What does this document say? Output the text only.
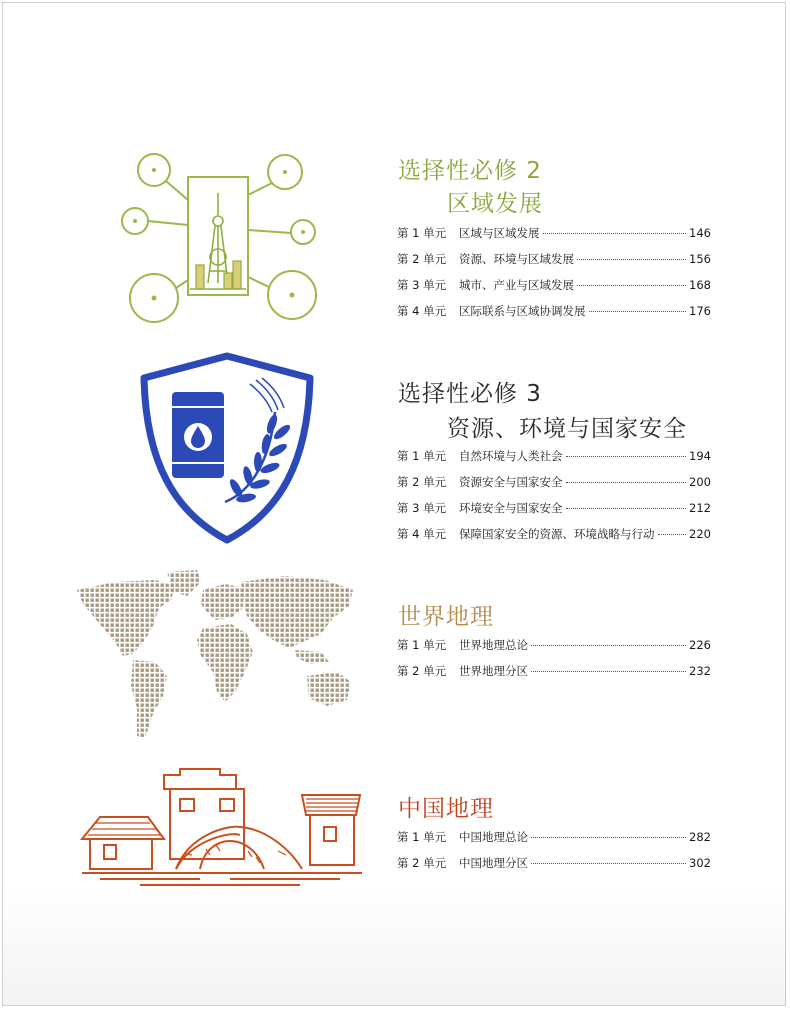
选择性必修 2
区域发展
第 1 单元	区域与区域发展	146
第 2 单元	资源、环境与区域发展	156
第 3 单元	城市、产业与区域发展	168
第 4 单元	区际联系与区域协调发展	176
选择性必修 3
资源、环境与国家安全
第 1 单元	自然环境与人类社会	194
第 2 单元	资源安全与国家安全	200
第 3 单元	环境安全与国家安全	212
第 4 单元	保障国家安全的资源、环境战略与行动	220
世界地理
第 1 单元	世界地理总论	226
第 2 单元	世界地理分区	232
中国地理
第 1 单元	中国地理总论	282
第 2 单元	中国地理分区	302
